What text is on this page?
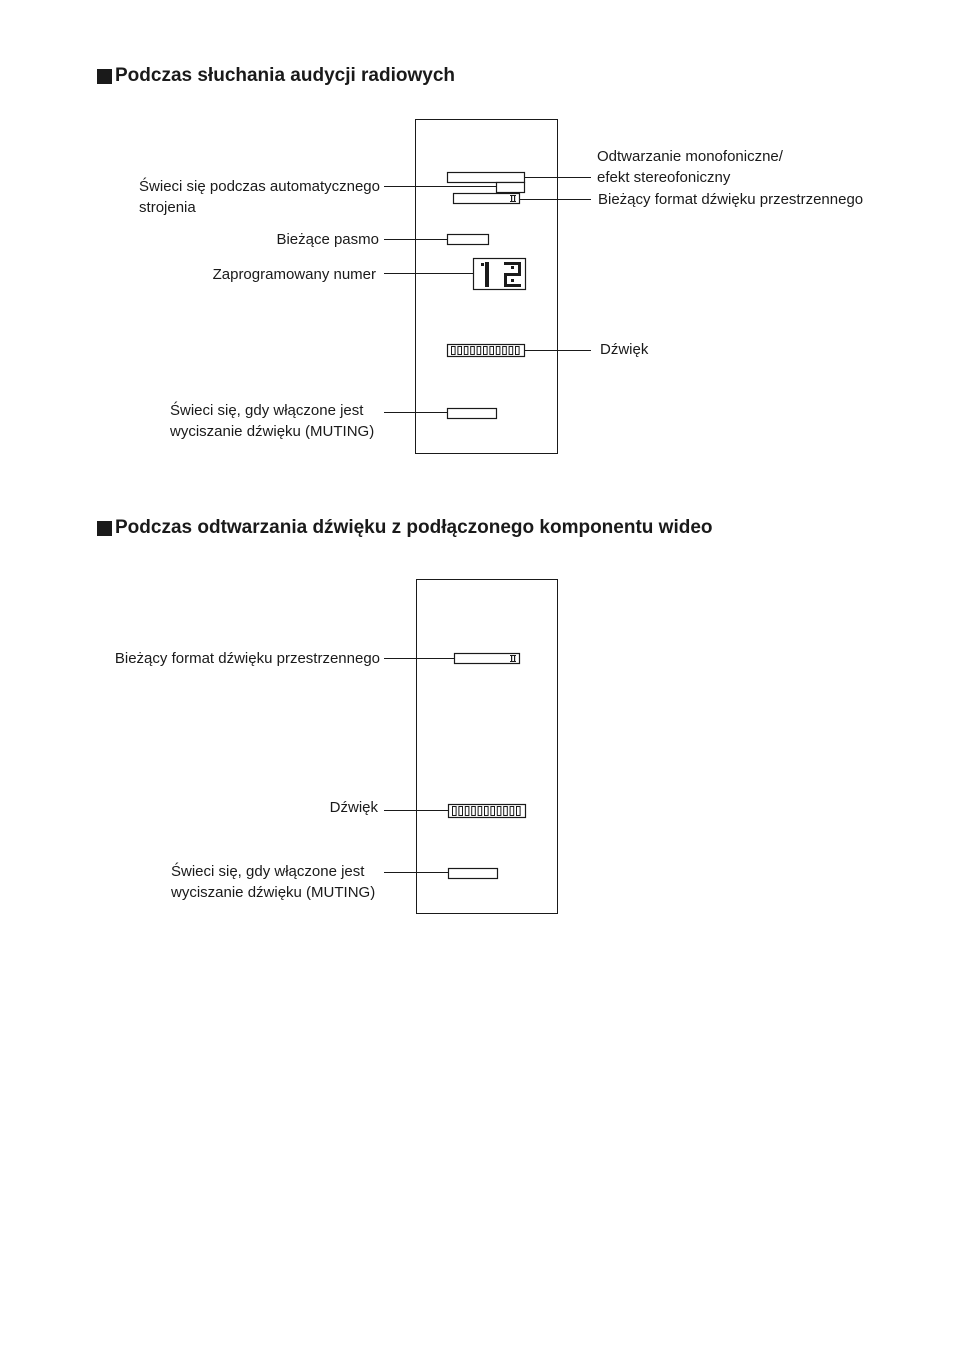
Podczas słuchania audycji radiowych
Podczas odtwarzania dźwięku z podłączonego komponentu wideo
Świeci się podczas automatycznego
strojenia
Odtwarzanie monofoniczne/
efekt stereofoniczny
Bieżący format dźwięku przestrzennego
Bieżące pasmo
Zaprogramowany numer
Dźwięk
Świeci się, gdy włączone jest
wyciszanie dźwięku (MUTING)
Bieżący format dźwięku przestrzennego
Dźwięk
Świeci się, gdy włączone jest
wyciszanie dźwięku (MUTING)
